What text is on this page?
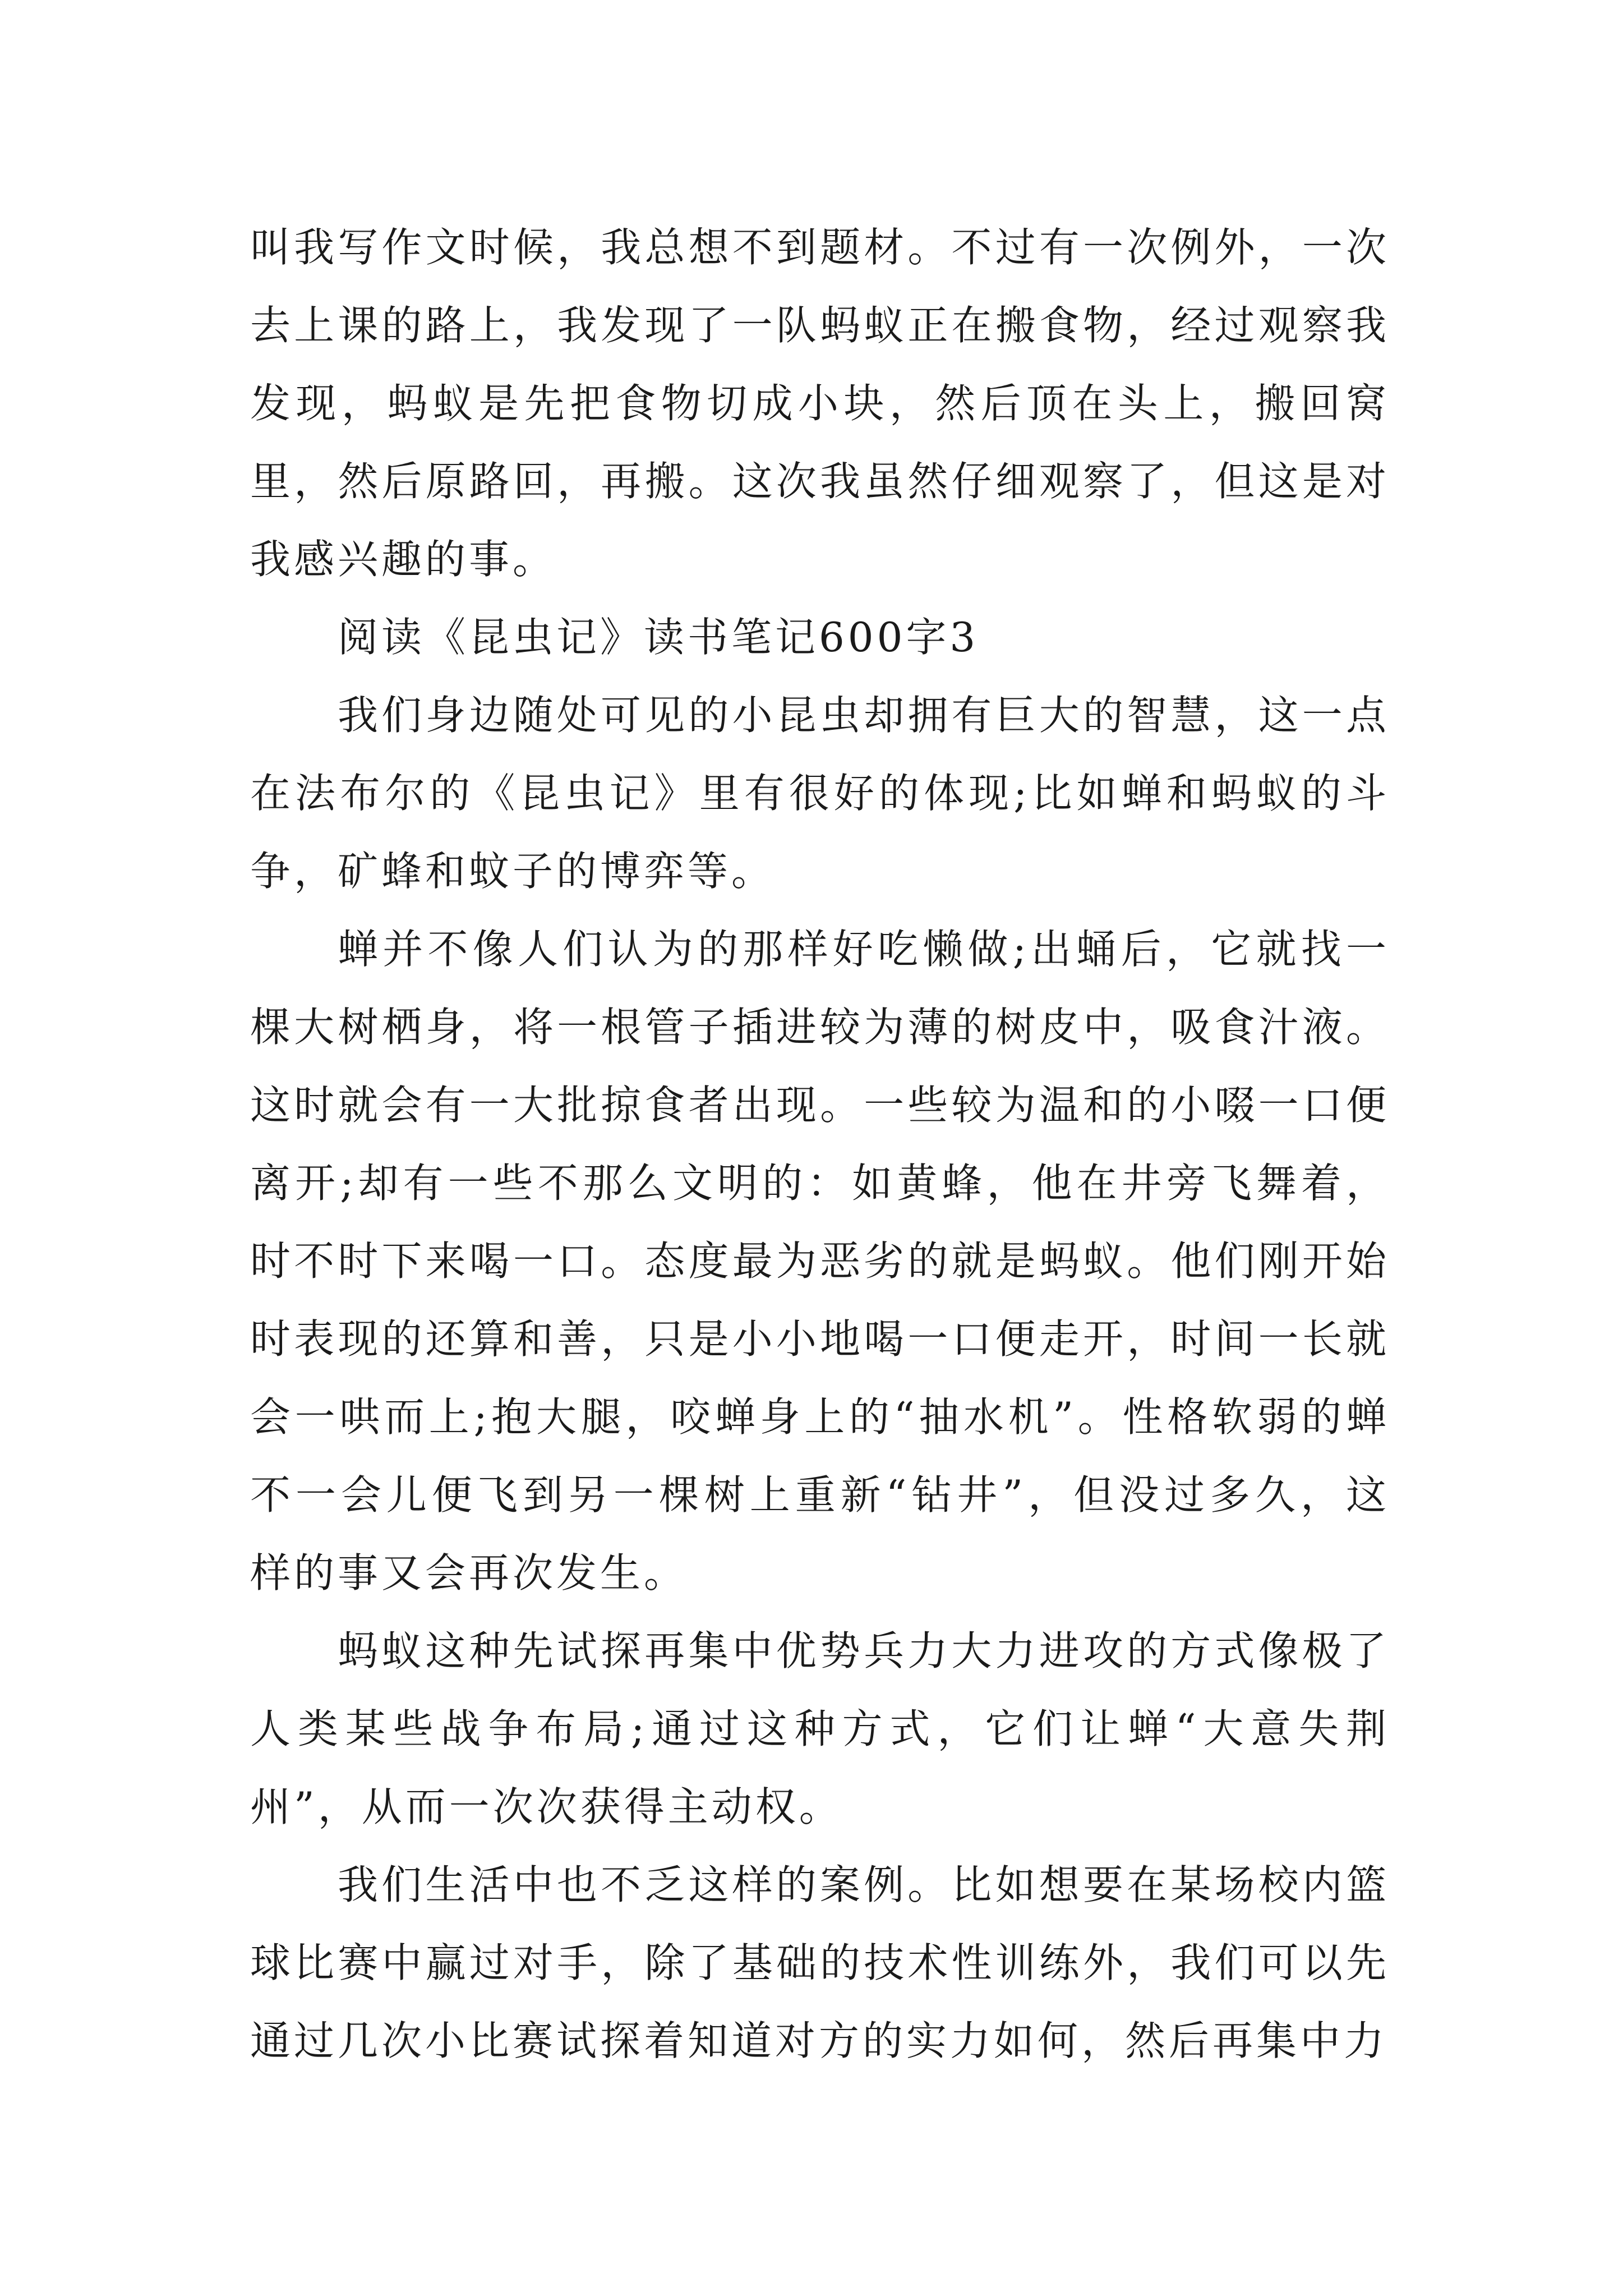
叫我写作文时候，我总想不到题材。不过有一次例外，一次去上课的路上，我发现了一队蚂蚁正在搬食物，经过观察我发现，蚂蚁是先把食物切成小块，然后顶在头上，搬回窝里，然后原路回，再搬。这次我虽然仔细观察了，但这是对我感兴趣的事。

阅读《昆虫记》读书笔记600字3

我们身边随处可见的小昆虫却拥有巨大的智慧，这一点在法布尔的《昆虫记》里有很好的体现;比如蝉和蚂蚁的斗争，矿蜂和蚊子的博弈等。

蝉并不像人们认为的那样好吃懒做;出蛹后，它就找一棵大树栖身，将一根管子插进较为薄的树皮中，吸食汁液。这时就会有一大批掠食者出现。一些较为温和的小啜一口便离开;却有一些不那么文明的：如黄蜂，他在井旁飞舞着，时不时下来喝一口。态度最为恶劣的就是蚂蚁。他们刚开始时表现的还算和善，只是小小地喝一口便走开，时间一长就会一哄而上;抱大腿，咬蝉身上的“抽水机”。性格软弱的蝉不一会儿便飞到另一棵树上重新“钻井”，但没过多久，这样的事又会再次发生。

蚂蚁这种先试探再集中优势兵力大力进攻的方式像极了人类某些战争布局;通过这种方式，它们让蝉“大意失荆州”，从而一次次获得主动权。

我们生活中也不乏这样的案例。比如想要在某场校内篮球比赛中赢过对手，除了基础的技术性训练外，我们可以先通过几次小比赛试探着知道对方的实力如何，然后再集中力
